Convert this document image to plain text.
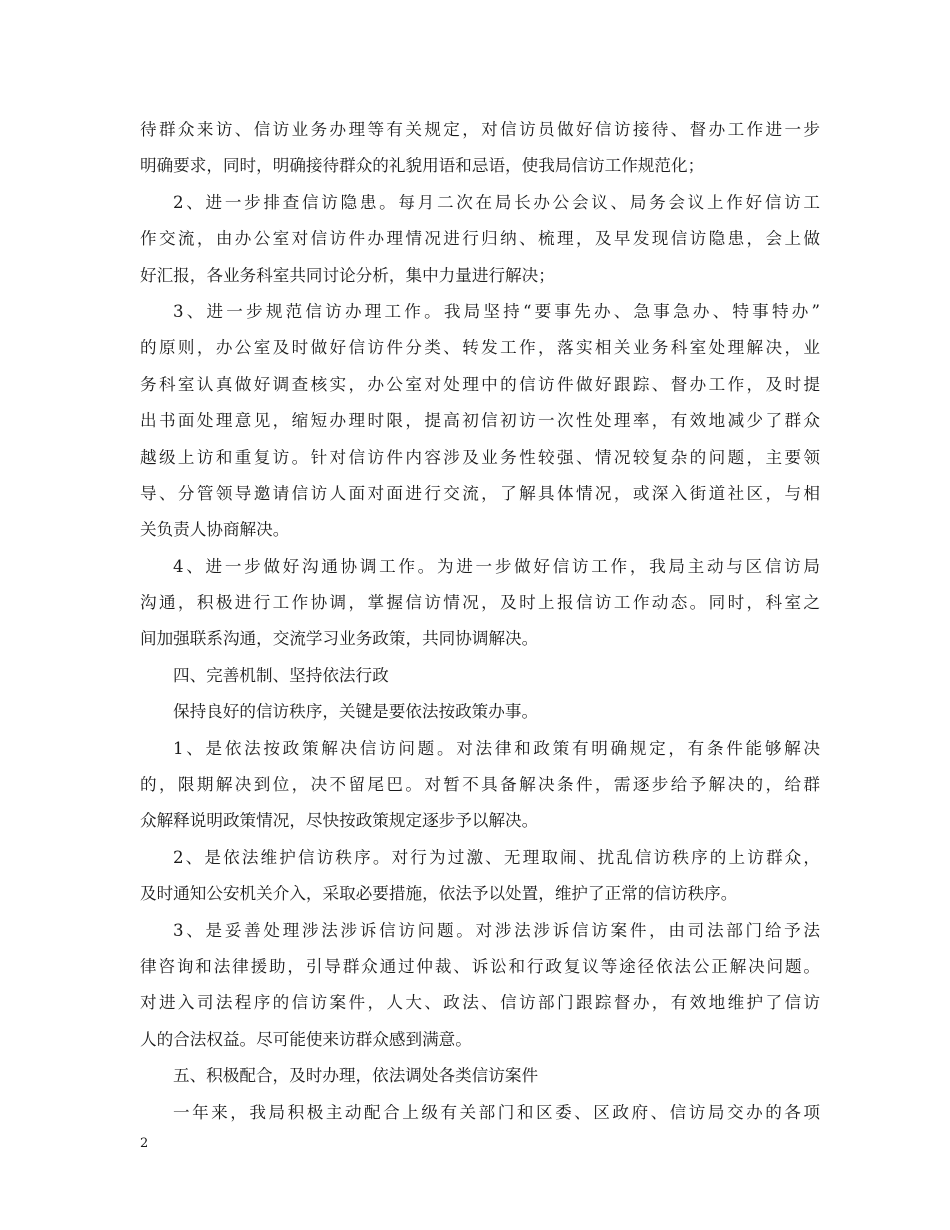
待群众来访、信访业务办理等有关规定，对信访员做好信访接待、督办工作进一步
明确要求，同时，明确接待群众的礼貌用语和忌语，使我局信访工作规范化；
2、进一步排查信访隐患。每月二次在局长办公会议、局务会议上作好信访工
作交流，由办公室对信访件办理情况进行归纳、梳理，及早发现信访隐患，会上做
好汇报，各业务科室共同讨论分析，集中力量进行解决；
3、进一步规范信访办理工作。我局坚持“要事先办、急事急办、特事特办”
的原则，办公室及时做好信访件分类、转发工作，落实相关业务科室处理解决，业
务科室认真做好调查核实，办公室对处理中的信访件做好跟踪、督办工作，及时提
出书面处理意见，缩短办理时限，提高初信初访一次性处理率，有效地减少了群众
越级上访和重复访。针对信访件内容涉及业务性较强、情况较复杂的问题，主要领
导、分管领导邀请信访人面对面进行交流，了解具体情况，或深入街道社区，与相
关负责人协商解决。
4、进一步做好沟通协调工作。为进一步做好信访工作，我局主动与区信访局
沟通，积极进行工作协调，掌握信访情况，及时上报信访工作动态。同时，科室之
间加强联系沟通，交流学习业务政策，共同协调解决。
四、完善机制、坚持依法行政
保持良好的信访秩序，关键是要依法按政策办事。
1、是依法按政策解决信访问题。对法律和政策有明确规定，有条件能够解决
的，限期解决到位，决不留尾巴。对暂不具备解决条件，需逐步给予解决的，给群
众解释说明政策情况，尽快按政策规定逐步予以解决。
2、是依法维护信访秩序。对行为过激、无理取闹、扰乱信访秩序的上访群众，
及时通知公安机关介入，采取必要措施，依法予以处置，维护了正常的信访秩序。
3、是妥善处理涉法涉诉信访问题。对涉法涉诉信访案件，由司法部门给予法
律咨询和法律援助，引导群众通过仲裁、诉讼和行政复议等途径依法公正解决问题。
对进入司法程序的信访案件，人大、政法、信访部门跟踪督办，有效地维护了信访
人的合法权益。尽可能使来访群众感到满意。
五、积极配合，及时办理，依法调处各类信访案件
一年来，我局积极主动配合上级有关部门和区委、区政府、信访局交办的各项
2
